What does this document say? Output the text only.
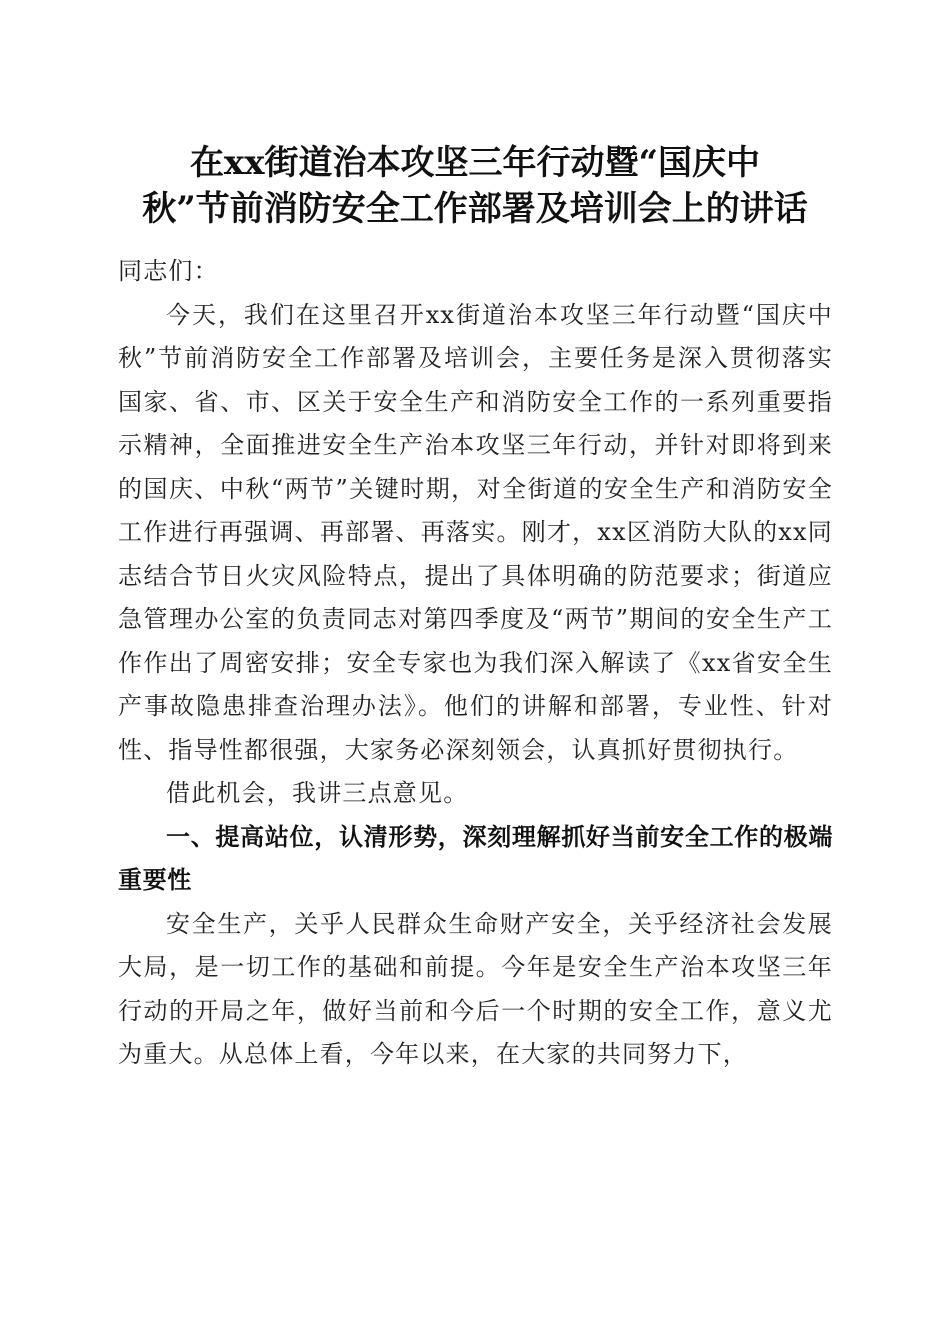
在xx街道治本攻坚三年行动暨“国庆中
秋”节前消防安全工作部署及培训会上的讲话

同志们：

今天，我们在这里召开xx街道治本攻坚三年行动暨“国庆中秋”节前消防安全工作部署及培训会，主要任务是深入贯彻落实国家、省、市、区关于安全生产和消防安全工作的一系列重要指示精神，全面推进安全生产治本攻坚三年行动，并针对即将到来的国庆、中秋“两节”关键时期，对全街道的安全生产和消防安全工作进行再强调、再部署、再落实。刚才，xx区消防大队的xx同志结合节日火灾风险特点，提出了具体明确的防范要求；街道应急管理办公室的负责同志对第四季度及“两节”期间的安全生产工作作出了周密安排；安全专家也为我们深入解读了《xx省安全生产事故隐患排查治理办法》。他们的讲解和部署，专业性、针对性、指导性都很强，大家务必深刻领会，认真抓好贯彻执行。

借此机会，我讲三点意见。

一、提高站位，认清形势，深刻理解抓好当前安全工作的极端重要性

安全生产，关乎人民群众生命财产安全，关乎经济社会发展大局，是一切工作的基础和前提。今年是安全生产治本攻坚三年行动的开局之年，做好当前和今后一个时期的安全工作，意义尤为重大。从总体上看，今年以来，在大家的共同努力下，
